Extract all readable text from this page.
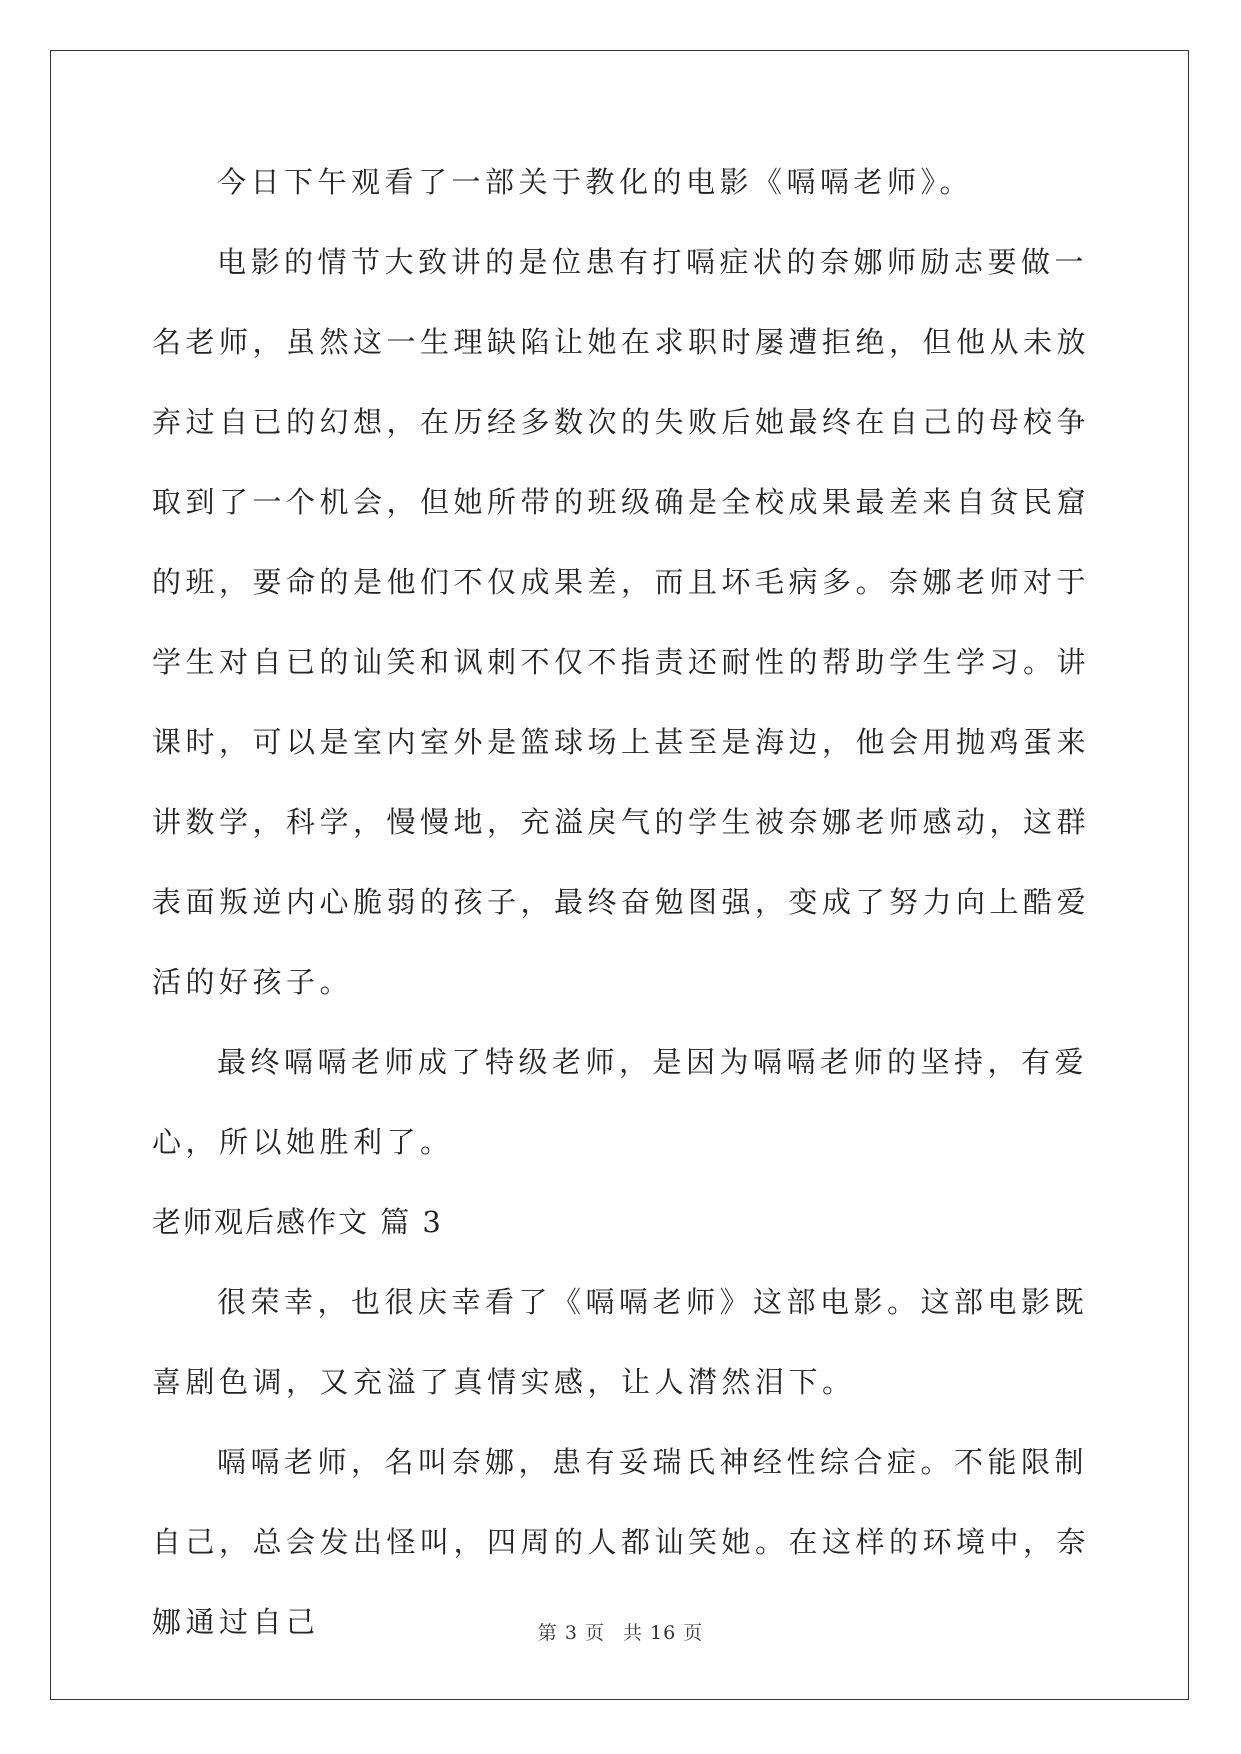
今日下午观看了一部关于教化的电影《嗝嗝老师》。

电影的情节大致讲的是位患有打嗝症状的奈娜师励志要做一名老师，虽然这一生理缺陷让她在求职时屡遭拒绝，但他从未放弃过自已的幻想，在历经多数次的失败后她最终在自己的母校争取到了一个机会，但她所带的班级确是全校成果最差来自贫民窟的班，要命的是他们不仅成果差，而且坏毛病多。奈娜老师对于学生对自已的讪笑和讽刺不仅不指责还耐性的帮助学生学习。讲课时，可以是室内室外是篮球场上甚至是海边，他会用抛鸡蛋来讲数学，科学，慢慢地，充溢戾气的学生被奈娜老师感动，这群表面叛逆内心脆弱的孩子，最终奋勉图强，变成了努力向上酷爱活的好孩子。

最终嗝嗝老师成了特级老师，是因为嗝嗝老师的坚持，有爱心，所以她胜利了。

老师观后感作文 篇 3

很荣幸，也很庆幸看了《嗝嗝老师》这部电影。这部电影既喜剧色调，又充溢了真情实感，让人潸然泪下。

嗝嗝老师，名叫奈娜，患有妥瑞氏神经性综合症。不能限制自己，总会发出怪叫，四周的人都讪笑她。在这样的环境中，奈娜通过自己	第 3 页 共 16 页
